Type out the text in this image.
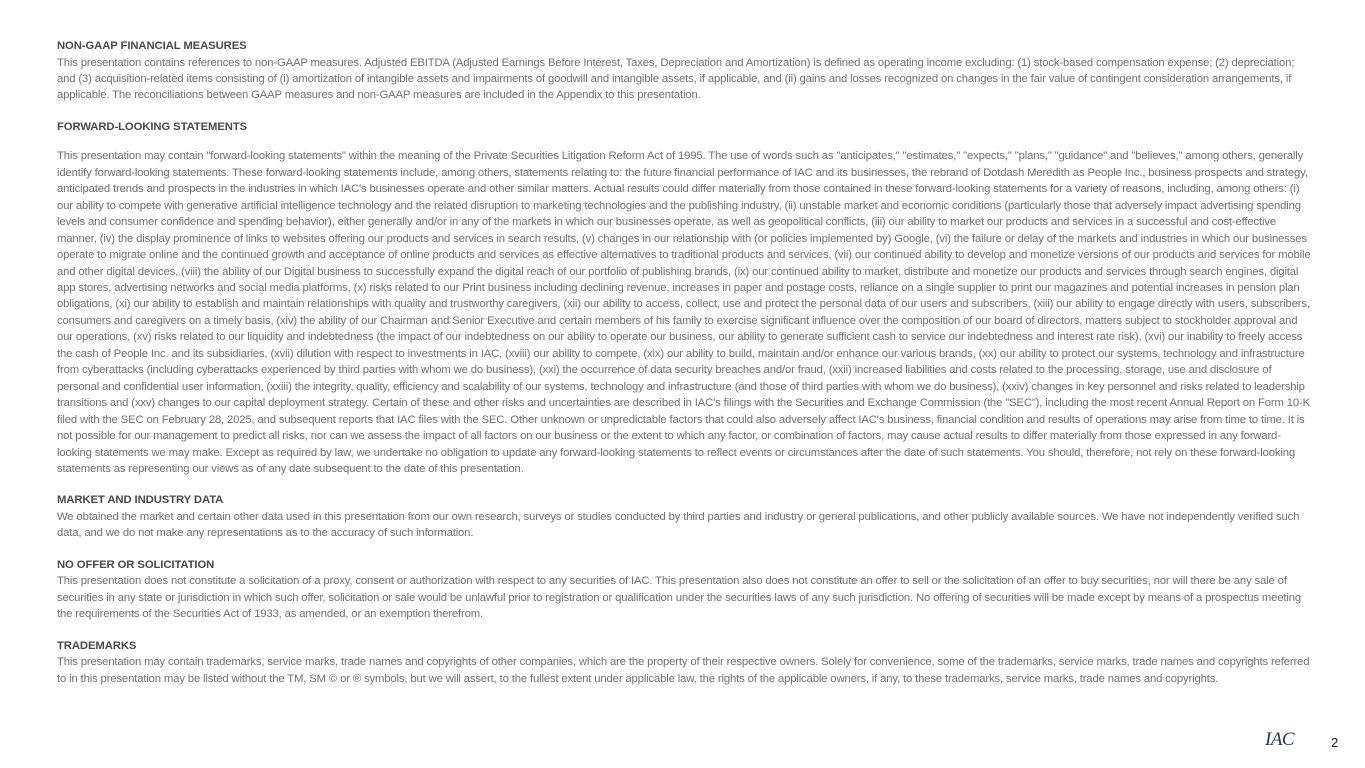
NON-GAAP FINANCIAL MEASURES

This presentation contains references to non-GAAP measures. Adjusted EBITDA (Adjusted Earnings Before Interest, Taxes, Depreciation and Amortization) is defined as operating income excluding: (1) stock-based compensation expense; (2) depreciation; and (3) acquisition-related items consisting of (i) amortization of intangible assets and impairments of goodwill and intangible assets, if applicable, and (ii) gains and losses recognized on changes in the fair value of contingent consideration arrangements, if applicable. The reconciliations between GAAP measures and non-GAAP measures are included in the Appendix to this presentation.

FORWARD-LOOKING STATEMENTS

This presentation may contain "forward-looking statements" within the meaning of the Private Securities Litigation Reform Act of 1995. The use of words such as "anticipates," "estimates," "expects," "plans," "guidance" and "believes," among others, generally identify forward-looking statements. These forward-looking statements include, among others, statements relating to: the future financial performance of IAC and its businesses, the rebrand of Dotdash Meredith as People Inc., business prospects and strategy, anticipated trends and prospects in the industries in which IAC's businesses operate and other similar matters. Actual results could differ materially from those contained in these forward-looking statements for a variety of reasons, including, among others: (i) our ability to compete with generative artificial intelligence technology and the related disruption to marketing technologies and the publishing industry, (ii) unstable market and economic conditions (particularly those that adversely impact advertising spending levels and consumer confidence and spending behavior), either generally and/or in any of the markets in which our businesses operate, as well as geopolitical conflicts, (iii) our ability to market our products and services in a successful and cost-effective manner, (iv) the display prominence of links to websites offering our products and services in search results, (v) changes in our relationship with (or policies implemented by) Google, (vi) the failure or delay of the markets and industries in which our businesses operate to migrate online and the continued growth and acceptance of online products and services as effective alternatives to traditional products and services, (vii) our continued ability to develop and monetize versions of our products and services for mobile and other digital devices, (viii) the ability of our Digital business to successfully expand the digital reach of our portfolio of publishing brands, (ix) our continued ability to market, distribute and monetize our products and services through search engines, digital app stores, advertising networks and social media platforms, (x) risks related to our Print business including declining revenue, increases in paper and postage costs, reliance on a single supplier to print our magazines and potential increases in pension plan obligations, (xi) our ability to establish and maintain relationships with quality and trustworthy caregivers, (xii) our ability to access, collect, use and protect the personal data of our users and subscribers, (xiii) our ability to engage directly with users, subscribers, consumers and caregivers on a timely basis, (xiv) the ability of our Chairman and Senior Executive and certain members of his family to exercise significant influence over the composition of our board of directors, matters subject to stockholder approval and our operations, (xv) risks related to our liquidity and indebtedness (the impact of our indebtedness on our ability to operate our business, our ability to generate sufficient cash to service our indebtedness and interest rate risk), (xvi) our inability to freely access the cash of People Inc. and its subsidiaries, (xvii) dilution with respect to investments in IAC, (xviii) our ability to compete, (xix) our ability to build, maintain and/or enhance our various brands, (xx) our ability to protect our systems, technology and infrastructure from cyberattacks (including cyberattacks experienced by third parties with whom we do business), (xxi) the occurrence of data security breaches and/or fraud, (xxii) increased liabilities and costs related to the processing, storage, use and disclosure of personal and confidential user information, (xxiii) the integrity, quality, efficiency and scalability of our systems, technology and infrastructure (and those of third parties with whom we do business), (xxiv) changes in key personnel and risks related to leadership transitions and (xxv) changes to our capital deployment strategy. Certain of these and other risks and uncertainties are described in IAC's filings with the Securities and Exchange Commission (the "SEC"), including the most recent Annual Report on Form 10-K filed with the SEC on February 28, 2025, and subsequent reports that IAC files with the SEC. Other unknown or unpredictable factors that could also adversely affect IAC's business, financial condition and results of operations may arise from time to time. It is not possible for our management to predict all risks, nor can we assess the impact of all factors on our business or the extent to which any factor, or combination of factors, may cause actual results to differ materially from those expressed in any forward-looking statements we may make. Except as required by law, we undertake no obligation to update any forward-looking statements to reflect events or circumstances after the date of such statements. You should, therefore, not rely on these forward-looking statements as representing our views as of any date subsequent to the date of this presentation.

MARKET AND INDUSTRY DATA

We obtained the market and certain other data used in this presentation from our own research, surveys or studies conducted by third parties and industry or general publications, and other publicly available sources. We have not independently verified such data, and we do not make any representations as to the accuracy of such information.

NO OFFER OR SOLICITATION

This presentation does not constitute a solicitation of a proxy, consent or authorization with respect to any securities of IAC. This presentation also does not constitute an offer to sell or the solicitation of an offer to buy securities, nor will there be any sale of securities in any state or jurisdiction in which such offer, solicitation or sale would be unlawful prior to registration or qualification under the securities laws of any such jurisdiction. No offering of securities will be made except by means of a prospectus meeting the requirements of the Securities Act of 1933, as amended, or an exemption therefrom.

TRADEMARKS

This presentation may contain trademarks, service marks, trade names and copyrights of other companies, which are the property of their respective owners. Solely for convenience, some of the trademarks, service marks, trade names and copyrights referred to in this presentation may be listed without the TM, SM © or ® symbols, but we will assert, to the fullest extent under applicable law, the rights of the applicable owners, if any, to these trademarks, service marks, trade names and copyrights.

IAC	2
